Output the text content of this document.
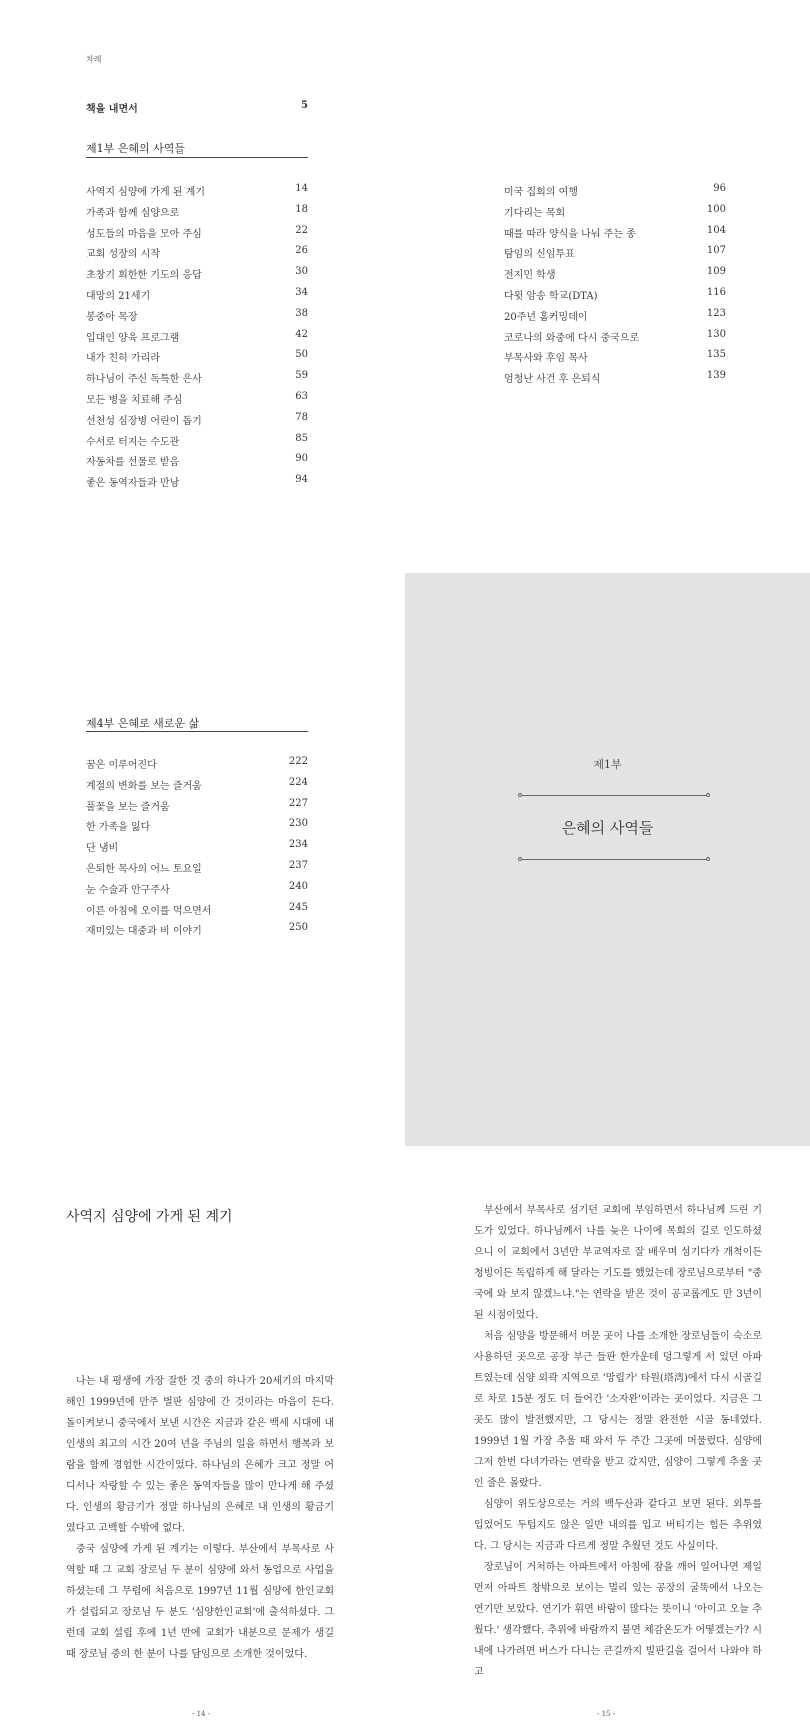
차례
책을 내면서	5
제1부 은혜의 사역들
사역지 심양에 가게 된 계기	14
가족과 함께 심양으로	18
성도들의 마음을 모아 주심	22
교회 성장의 시작	26
초창기 회한한 기도의 응답	30
대망의 21세기	34
봉중아 목장	38
입대인 양육 프로그램	42
내가 친히 가리라	50
하나님이 주신 독특한 은사	59
모든 병을 치료해 주심	63
선천성 심장병 어린이 돕기	78
수서로 터지는 수도관	85
자동차를 선물로 받음	90
좋은 동역자들과 만남	94
미국 집회의 여행	96
기다리는 목회	100
때를 따라 양식을 나눠 주는 종	104
탐임의 신임투표	107
전지민 학생	109
다윗 암송 학교(DTA)	116
20주년 홈커밍데이	123
코로나의 와중에 다시 중국으로	130
부목사와 후임 목사	135
엄청난 사건 후 은퇴식	139
제4부 은혜로 새로운 삶
꿈은 이루어진다	222
계절의 변화를 보는 즐거움	224
풀꽃을 보는 즐거움	227
한 가족을 잃다	230
단 냄비	234
은퇴한 목사의 어느 토요일	237
눈 수술과 안구주사	240
이른 아침에 오이를 먹으면서	245
재미있는 대중과 비 이야기	250
제1부
은혜의 사역들
사역지 심양에 가게 된 계기

나는 내 평생에 가장 잘한 것 중의 하나가 20세기의 마지막 해인 1999년에 만주 벌판 심양에 간 것이라는 마음이 든다. 돌이켜보니 중국에서 보낸 시간은 지금과 같은 백세 시대에 내 인생의 최고의 시간 20여 년을 주님의 일을 하면서 행복과 보람을 함께 경험한 시간이었다. 하나님의 은혜가 크고 정말 어디서나 자랑할 수 있는 좋은 동역자들을 많이 만나게 해 주셨다. 인생의 황금기가 정말 하나님의 은혜로 내 인생의 황금기였다고 고백할 수밖에 없다.

중국 심양에 가게 된 계기는 이렇다. 부산에서 부목사로 사역할 때 그 교회 장로님 두 분이 심양에 와서 동업으로 사업을 하셨는데 그 무렵에 처음으로 1997년 11월 심양에 한인교회가 설립되고 장로님 두 분도 '심양한인교회'에 출석하셨다. 그런데 교회 설립 후에 1년 반에 교회가 내분으로 문제가 생길 때 장로님 중의 한 분이 나를 담임으로 소개한 것이었다.

- 14 -

부산에서 부목사로 섬기던 교회에 부임하면서 하나님께 드린 기도가 있었다. 하나님께서 나를 늦은 나이에 목회의 길로 인도하셨으니 이 교회에서 3년만 부교역자로 잘 배우며 섬기다가 개척이든 청빙이든 독립하게 해 달라는 기도를 했었는데 장로님으로부터 "중국에 와 보지 않겠느냐."는 연락을 받은 것이 공교롭게도 만 3년이 된 시점이었다.

처음 심양을 방문해서 머문 곳이 나를 소개한 장로님들이 숙소로 사용하던 곳으로 공장 부근 들판 한가운데 덩그렇게 서 있던 아파트였는데 심양 외곽 지역으로 '망립가' 타원(塔湾)에서 다시 시골길로 차로 15분 정도 더 들어간 '소자완'이라는 곳이었다. 지금은 그곳도 많이 발전했지만, 그 당시는 정말 완전한 시골 동네였다. 1999년 1월 가장 추울 때 와서 두 주간 그곳에 머물렀다. 심양에 그저 한번 다녀가라는 연락을 받고 갔지만, 심양이 그렇게 추울 곳인 줄은 몰랐다.

심양이 위도상으로는 거의 백두산과 같다고 보면 된다. 외투를 입었어도 두텁지도 않은 일반 내의를 입고 버티기는 힘든 추위였다. 그 당시는 지금과 다르게 정말 추웠던 것도 사실이다.

장로님이 거처하는 아파트에서 아침에 잠을 깨어 일어나면 제일 먼저 아파트 창밖으로 보이는 멀리 있는 공장의 굴뚝에서 나오는 연기만 보았다. 연기가 휘면 바람이 많다는 뜻이니 '아이고 오늘 추웠다.' 생각했다. 추위에 바람까지 불면 체감온도가 어떻겠는가? 시내에 나가려면 버스가 다니는 큰길까지 빌판길을 걸어서 나와야 하고

- 15 -
